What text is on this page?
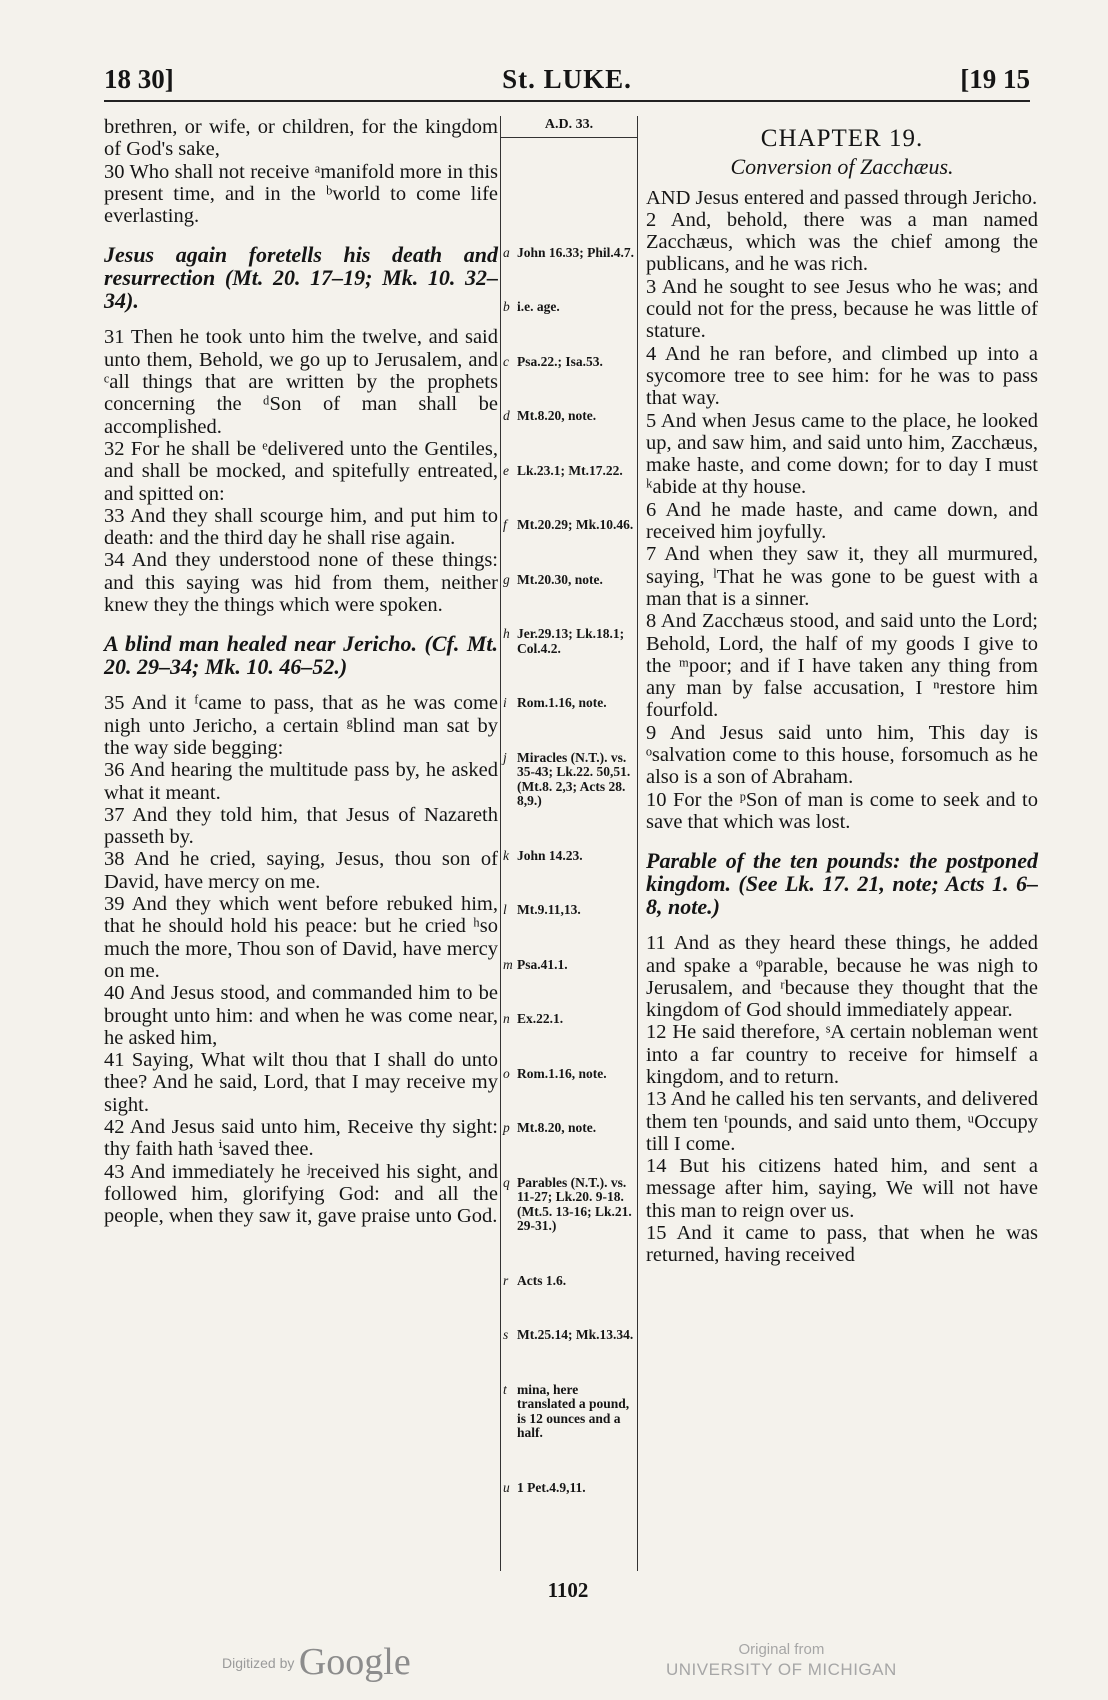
18 30]	St. LUKE.	[19 15
brethren, or wife, or children, for the kingdom of God's sake,
30 Who shall not receive ᵃmanifold more in this present time, and in the ᵇworld to come life everlasting.
Jesus again foretells his death and resurrection (Mt. 20. 17–19; Mk. 10. 32–34).
31 Then he took unto him the twelve, and said unto them, Behold, we go up to Jerusalem, and ᶜall things that are written by the prophets concerning the ᵈSon of man shall be accomplished.
32 For he shall be ᵉdelivered unto the Gentiles, and shall be mocked, and spitefully entreated, and spitted on:
33 And they shall scourge him, and put him to death: and the third day he shall rise again.
34 And they understood none of these things: and this saying was hid from them, neither knew they the things which were spoken.
A blind man healed near Jericho. (Cf. Mt. 20. 29–34; Mk. 10. 46–52.)
35 And it ᶠcame to pass, that as he was come nigh unto Jericho, a certain ᵍblind man sat by the way side begging:
36 And hearing the multitude pass by, he asked what it meant.
37 And they told him, that Jesus of Nazareth passeth by.
38 And he cried, saying, Jesus, thou son of David, have mercy on me.
39 And they which went before rebuked him, that he should hold his peace: but he cried ʰso much the more, Thou son of David, have mercy on me.
40 And Jesus stood, and commanded him to be brought unto him: and when he was come near, he asked him,
41 Saying, What wilt thou that I shall do unto thee? And he said, Lord, that I may receive my sight.
42 And Jesus said unto him, Receive thy sight: thy faith hath ⁱsaved thee.
43 And immediately he ʲreceived his sight, and followed him, glorifying God: and all the people, when they saw it, gave praise unto God.
A.D. 33.
a John 16.33; Phil.4.7.
b i.e. age.
c Psa.22.; Isa.53.
d Mt.8.20, note.
e Lk.23.1; Mt.17.22.
f Mt.20.29; Mk.10.46.
g Mt.20.30, note.
h Jer.29.13; Lk.18.1; Col.4.2.
i Rom.1.16, note.
j Miracles (N.T.). vs. 35-43; Lk.22. 50,51. (Mt.8. 2,3; Acts 28. 8,9.)
k John 14.23.
l Mt.9.11,13.
m Psa.41.1.
n Ex.22.1.
o Rom.1.16, note.
p Mt.8.20, note.
q Parables (N.T.). vs. 11-27; Lk.20. 9-18. (Mt.5. 13-16; Lk.21. 29-31.)
r Acts 1.6.
s Mt.25.14; Mk.13.34.
t mina, here translated a pound, is 12 ounces and a half.
u 1 Pet.4.9,11.
CHAPTER 19.
Conversion of Zacchæus.
AND Jesus entered and passed through Jericho.
2 And, behold, there was a man named Zacchæus, which was the chief among the publicans, and he was rich.
3 And he sought to see Jesus who he was; and could not for the press, because he was little of stature.
4 And he ran before, and climbed up into a sycomore tree to see him: for he was to pass that way.
5 And when Jesus came to the place, he looked up, and saw him, and said unto him, Zacchæus, make haste, and come down; for to day I must ᵏabide at thy house.
6 And he made haste, and came down, and received him joyfully.
7 And when they saw it, they all murmured, saying, ˡThat he was gone to be guest with a man that is a sinner.
8 And Zacchæus stood, and said unto the Lord; Behold, Lord, the half of my goods I give to the ᵐpoor; and if I have taken any thing from any man by false accusation, I ⁿrestore him fourfold.
9 And Jesus said unto him, This day is ᵒsalvation come to this house, forsomuch as he also is a son of Abraham.
10 For the ᵖSon of man is come to seek and to save that which was lost.
Parable of the ten pounds: the postponed kingdom. (See Lk. 17. 21, note; Acts 1. 6–8, note.)
11 And as they heard these things, he added and spake a ᵠparable, because he was nigh to Jerusalem, and ʳbecause they thought that the kingdom of God should immediately appear.
12 He said therefore, ˢA certain nobleman went into a far country to receive for himself a kingdom, and to return.
13 And he called his ten servants, and delivered them ten ᵗpounds, and said unto them, ᵘOccupy till I come.
14 But his citizens hated him, and sent a message after him, saying, We will not have this man to reign over us.
15 And it came to pass, that when he was returned, having received
1102
Digitized by Google	Original from
UNIVERSITY OF MICHIGAN
